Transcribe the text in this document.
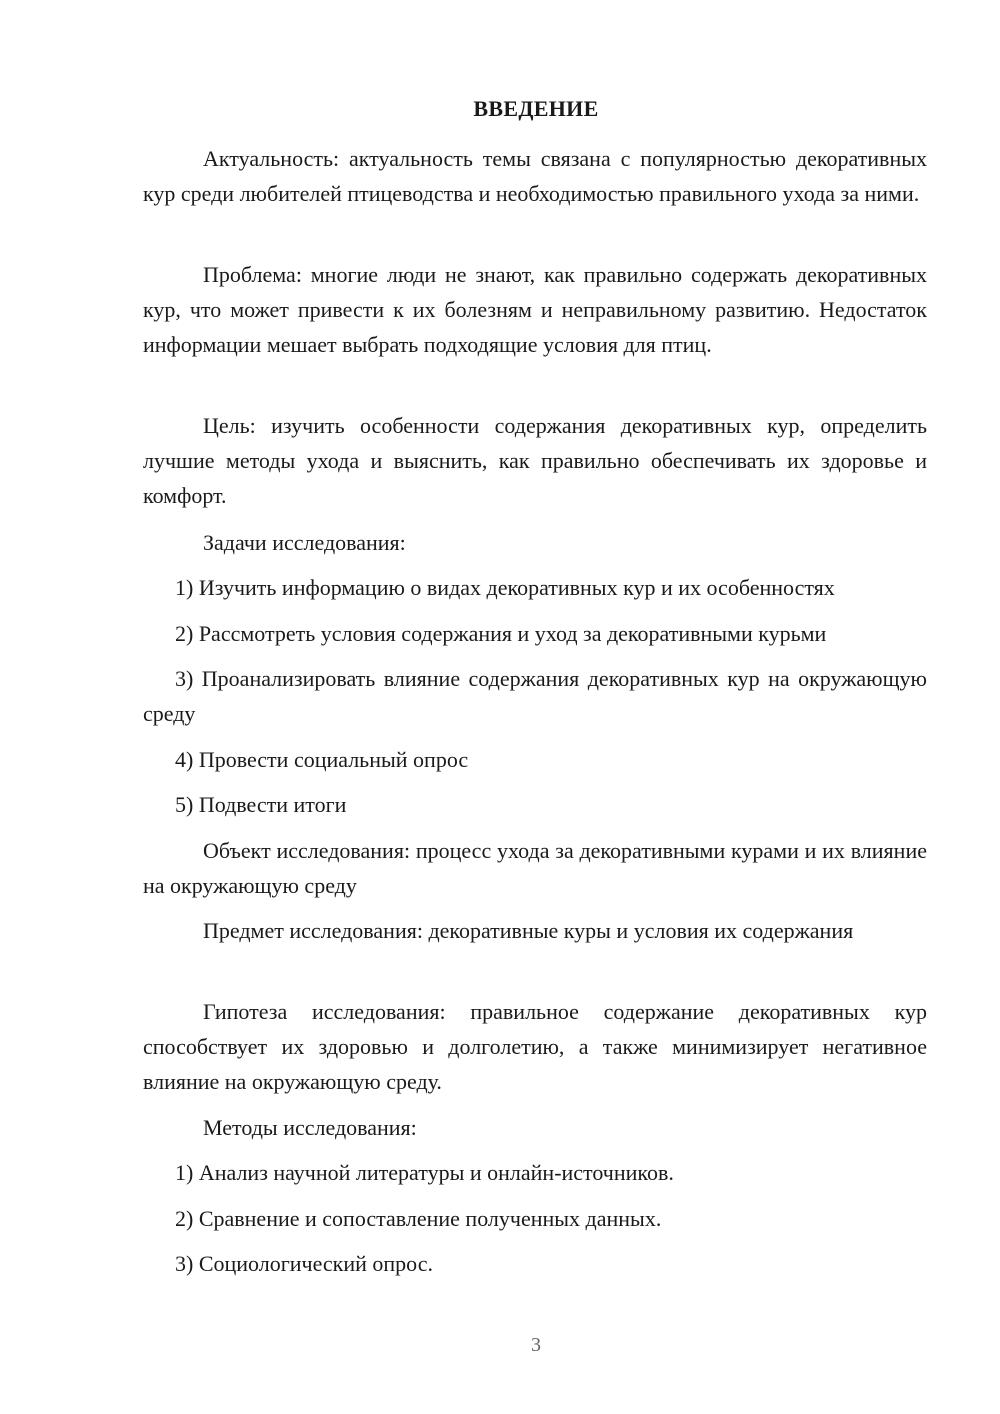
ВВЕДЕНИЕ

Актуальность: актуальность темы связана с популярностью декоративных кур среди любителей птицеводства и необходимостью правильного ухода за ними.

Проблема: многие люди не знают, как правильно содержать декоративных кур, что может привести к их болезням и неправильному развитию. Недостаток информации мешает выбрать подходящие условия для птиц.

Цель: изучить особенности содержания декоративных кур, определить лучшие методы ухода и выяснить, как правильно обеспечивать их здоровье и комфорт.

Задачи исследования:

1) Изучить информацию о видах декоративных кур и их особенностях

2) Рассмотреть условия содержания и уход за декоративными курьми

3) Проанализировать влияние содержания декоративных кур на окружающую среду

4) Провести социальный опрос

5) Подвести итоги

Объект исследования: процесс ухода за декоративными курами и их влияние на окружающую среду

Предмет исследования: декоративные куры и условия их содержания

Гипотеза исследования: правильное содержание декоративных кур способствует их здоровью и долголетию, а также минимизирует негативное влияние на окружающую среду.

Методы исследования:

1) Анализ научной литературы и онлайн-источников.

2) Сравнение и сопоставление полученных данных.

3) Социологический опрос.

3
